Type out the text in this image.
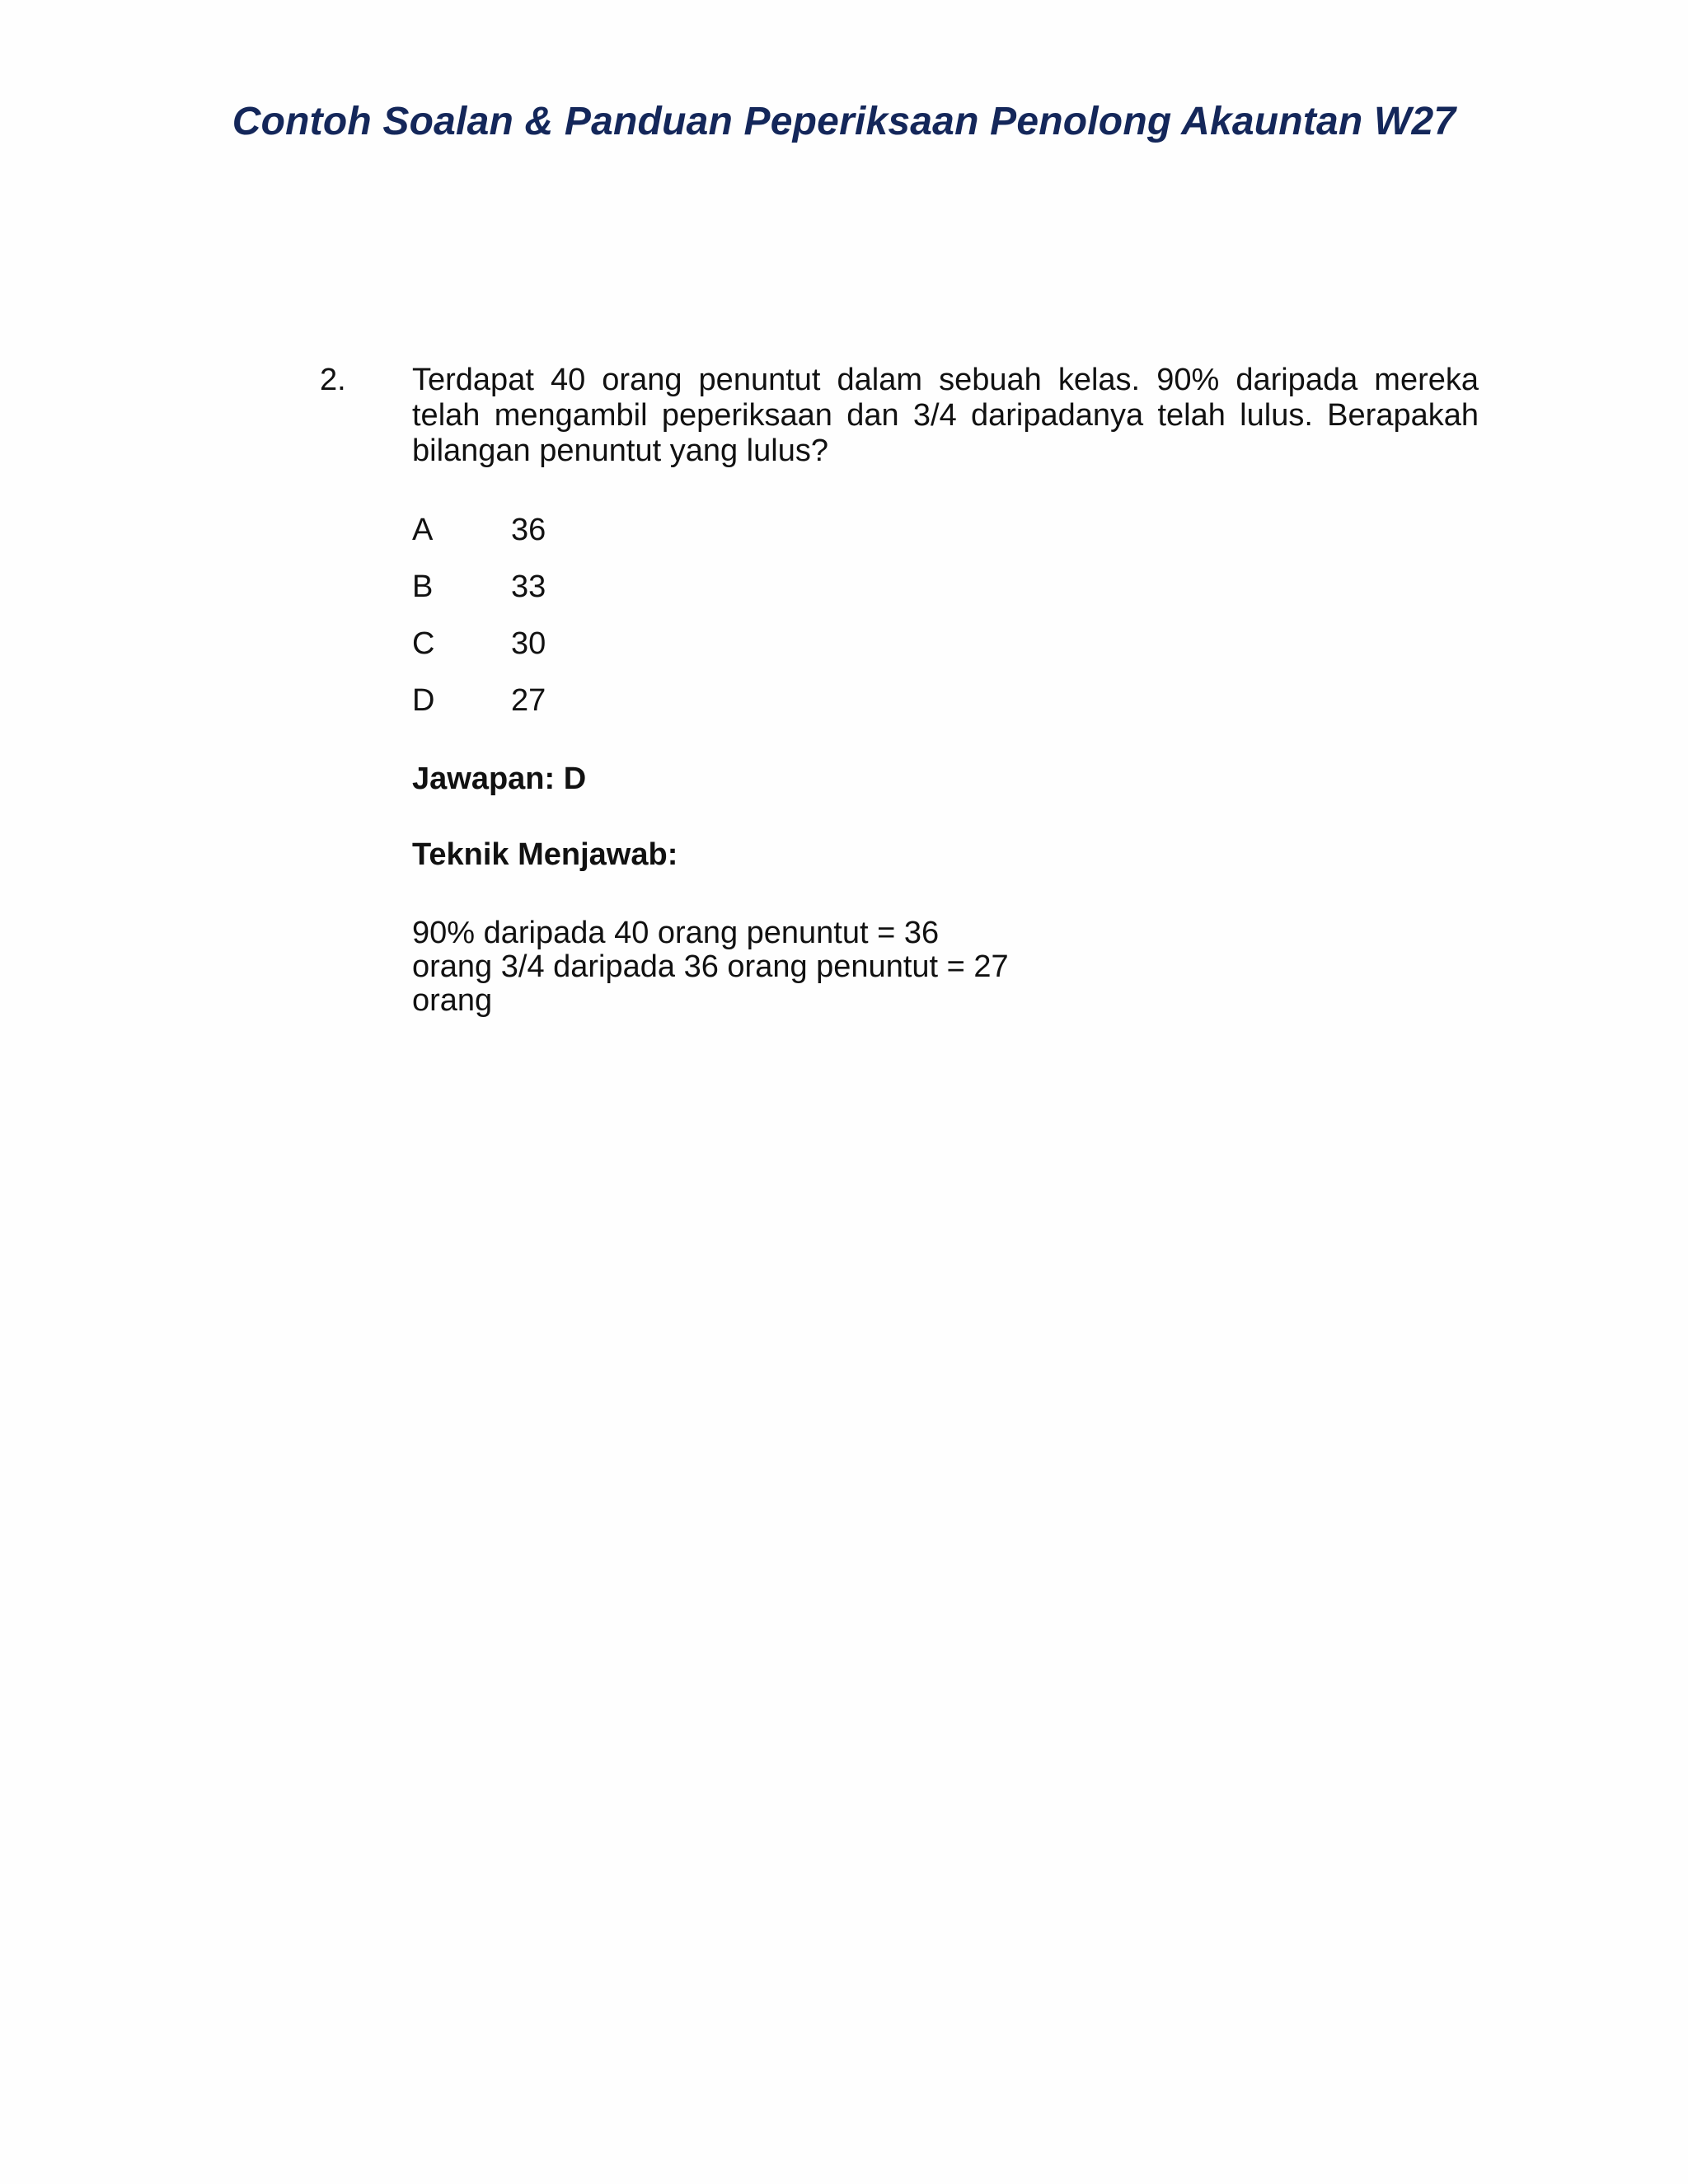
Contoh Soalan & Panduan Peperiksaan Penolong Akauntan W27
2. Terdapat 40 orang penuntut dalam sebuah kelas. 90% daripada mereka telah mengambil peperiksaan dan 3/4 daripadanya telah lulus. Berapakah bilangan penuntut yang lulus?

A 36
B 33
C 30
D 27
Jawapan: D
Teknik Menjawab:
90% daripada 40 orang penuntut = 36
orang 3/4 daripada 36 orang penuntut = 27
orang
